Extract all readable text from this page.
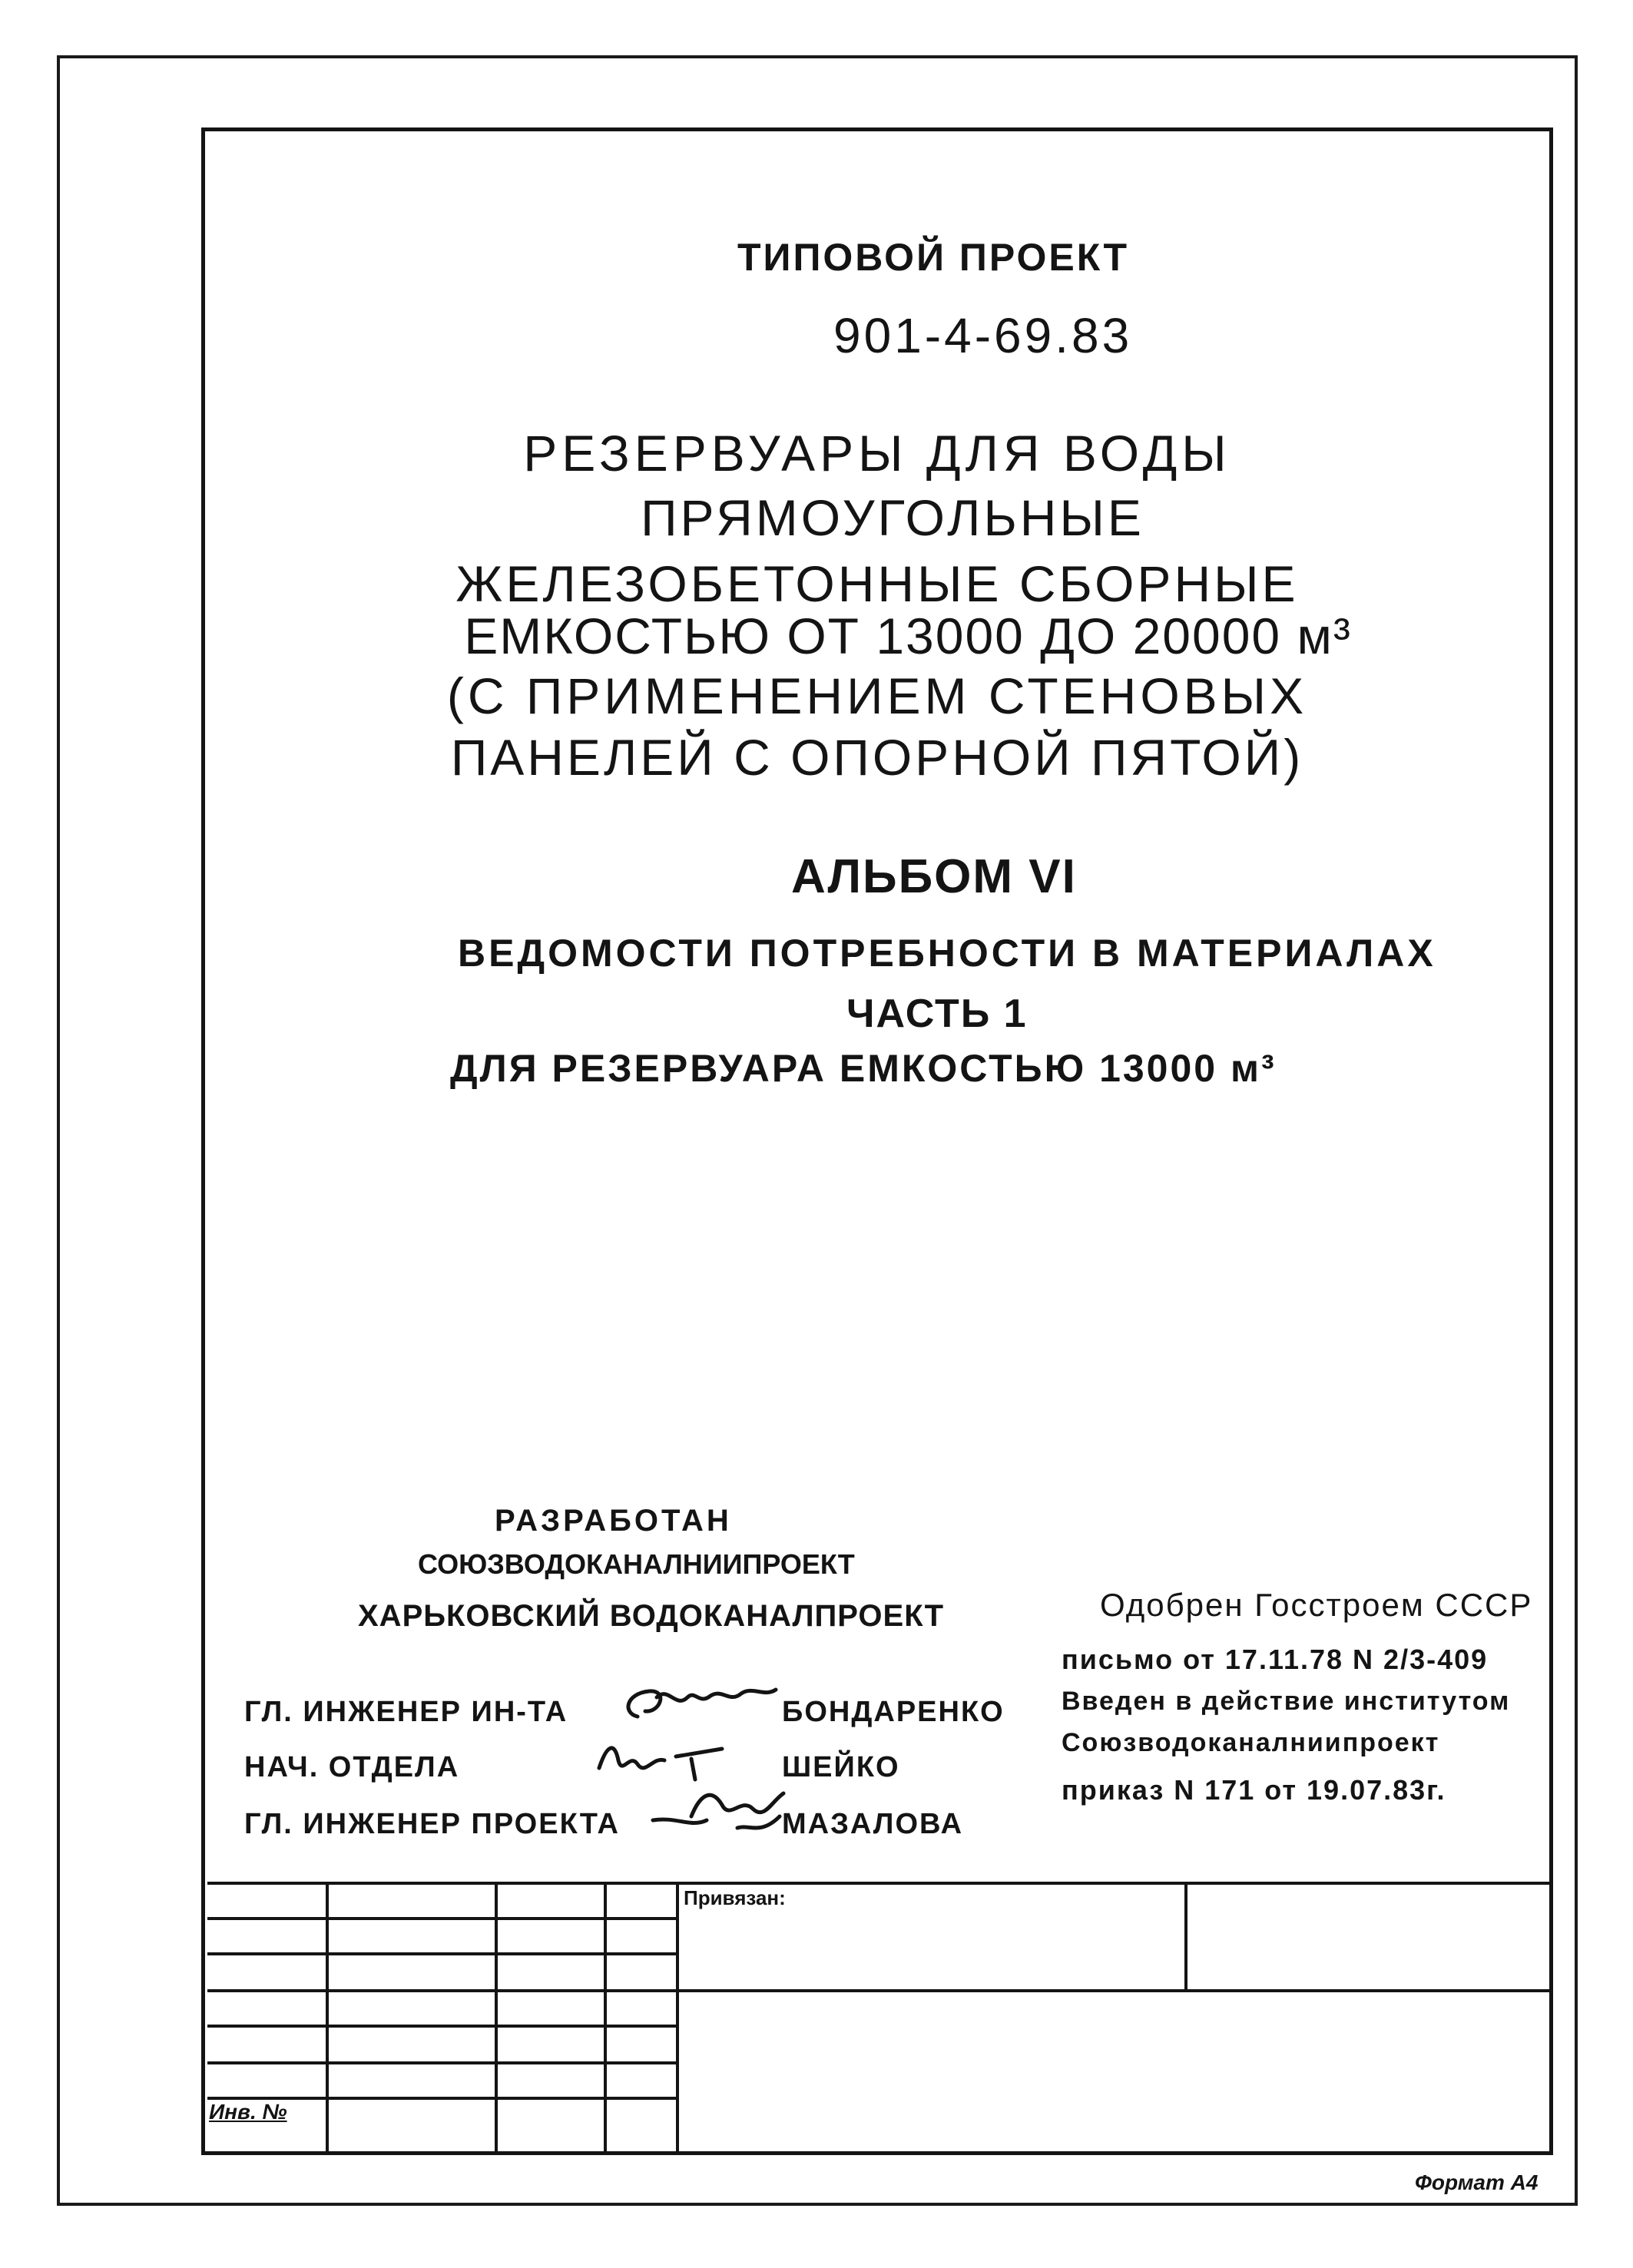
ТИПОВОЙ ПРОЕКТ
901-4-69.83
РЕЗЕРВУАРЫ ДЛЯ ВОДЫ
ПРЯМОУГОЛЬНЫЕ
ЖЕЛЕЗОБЕТОННЫЕ СБОРНЫЕ
ЕМКОСТЬЮ ОТ 13000 ДО 20000 м³
(С ПРИМЕНЕНИЕМ СТЕНОВЫХ
ПАНЕЛЕЙ С ОПОРНОЙ ПЯТОЙ)
АЛЬБОМ VI
ВЕДОМОСТИ ПОТРЕБНОСТИ В МАТЕРИАЛАХ
ЧАСТЬ 1
ДЛЯ РЕЗЕРВУАРА ЕМКОСТЬЮ 13000 м³
РАЗРАБОТАН
СОЮЗВОДОКАНАЛНИИПРОЕКТ
ХАРЬКОВСКИЙ ВОДОКАНАЛПРОЕКТ
ГЛ. ИНЖЕНЕР ИН-ТА	БОНДАРЕНКО
НАЧ. ОТДЕЛА	ШЕЙКО
ГЛ. ИНЖЕНЕР ПРОЕКТА	МАЗАЛОВА
Одобрен Госстроем СССР
письмо от 17.11.78 N 2/3-409
Введен в действие институтом
Союзводоканалниипроект
приказ N 171 от 19.07.83г.
Привязан:
Инв. №
Формат А4
